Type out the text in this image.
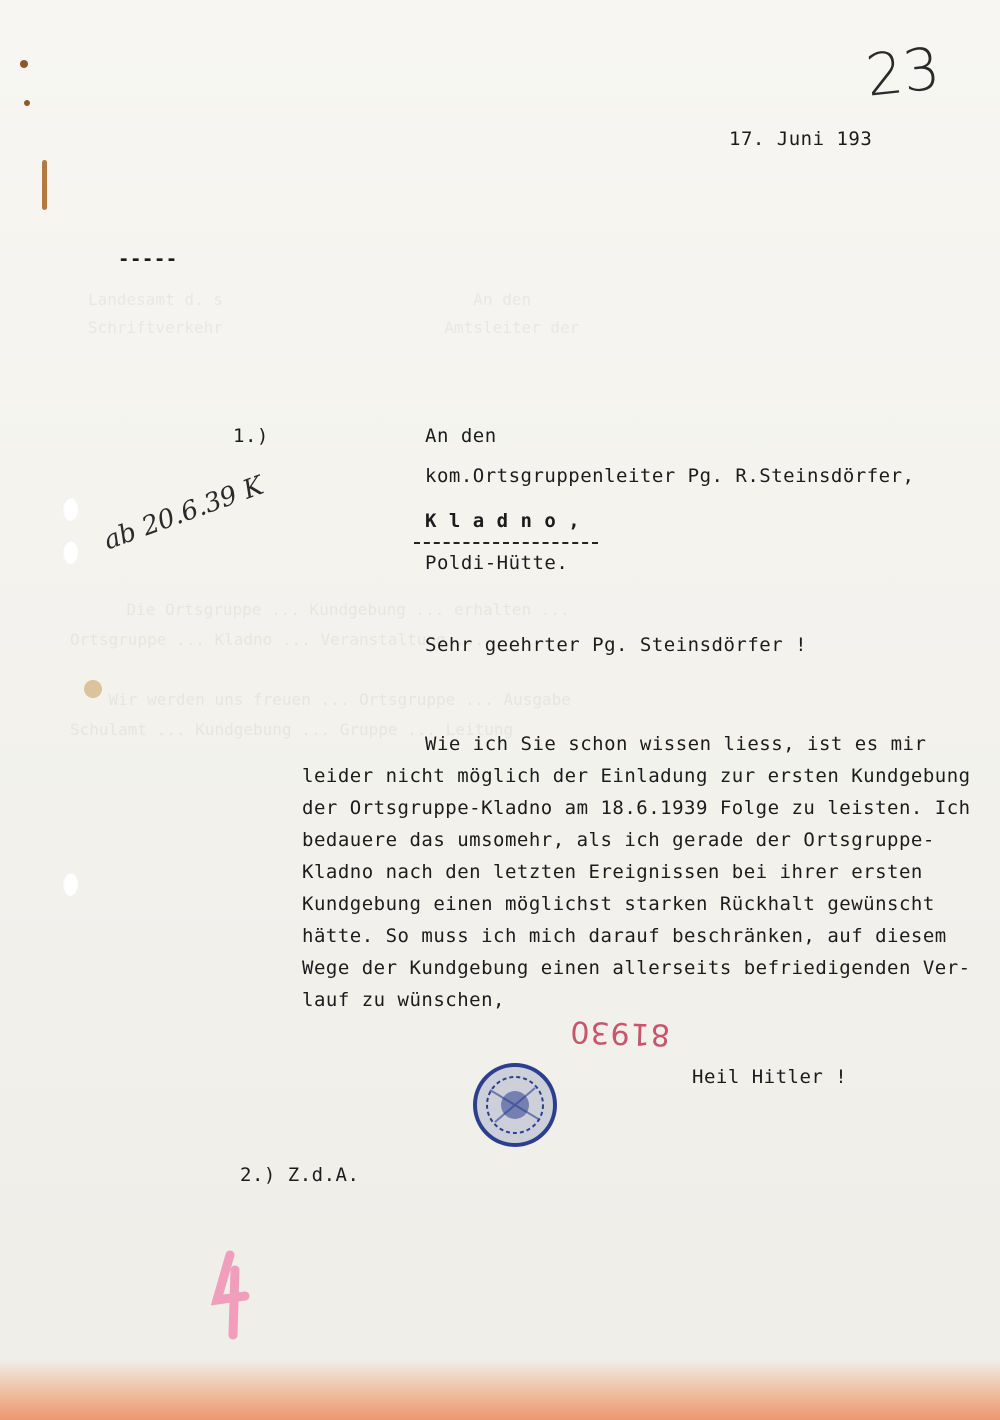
Landesamt d. s                          An den
Schriftverkehr                       Amtsleiter der
Die Ortsgruppe ... Kundgebung ... erhalten ...
Ortsgruppe ... Kladno ... Veranstaltung ...
Wir werden uns freuen ... Ortsgruppe ... Ausgabe
Schulamt ... Kundgebung ... Gruppe ... Leitung
23
17. Juni 193
-----
1.)	An den
kom.Ortsgruppenleiter Pg. R.Steinsdörfer,
K l a d n o ,
Poldi-Hütte.
ab 20.6.39 K
Sehr geehrter Pg. Steinsdörfer !
Wie ich Sie schon wissen liess, ist es mir
leider nicht möglich der Einladung zur ersten Kundgebung
der Ortsgruppe-Kladno am 18.6.1939 Folge zu leisten. Ich
bedauere das umsomehr, als ich gerade der Ortsgruppe-
Kladno nach den letzten Ereignissen bei ihrer ersten
Kundgebung einen möglichst starken Rückhalt gewünscht
hätte. So muss ich mich darauf beschränken, auf diesem
Wege der Kundgebung einen allerseits befriedigenden Ver-
lauf zu wünschen,
81930
Heil Hitler !
2.) Z.d.A.
